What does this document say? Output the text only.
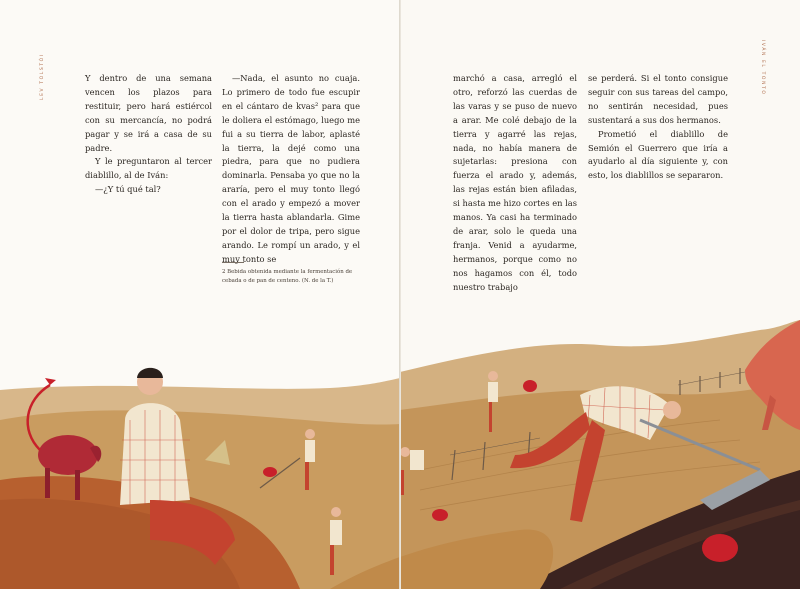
LEV TOLSTÓI	IVÁN EL TONTO

Y dentro de una semana vencen los plazos para restituir, pero hará estiércol con su mercancía, no podrá pagar y se irá a casa de su padre.

Y le preguntaron al tercer diablillo, al de Iván:

—¿Y tú qué tal?

—Nada, el asunto no cuaja. Lo primero de todo fue escupir en el cántaro de kvas² para que le doliera el estómago, luego me fui a su tierra de labor, aplasté la tierra, la dejé como una piedra, para que no pudiera dominarla. Pensaba yo que no la araría, pero el muy tonto llegó con el arado y empezó a mover la tierra hasta ablandarla. Gime por el dolor de tripa, pero sigue arando. Le rompí un arado, y el muy tonto se

2 Bebida obtenida mediante la fermentación de cebada o de pan de centeno. (N. de la T.)

marchó a casa, arregló el otro, reforzó las cuerdas de las varas y se puso de nuevo a arar. Me colé debajo de la tierra y agarré las rejas, nada, no había manera de sujetarlas: presiona con fuerza el arado y, además, las rejas están bien afiladas, si hasta me hizo cortes en las manos. Ya casi ha terminado de arar, solo le queda una franja. Venid a ayudarme, hermanos, porque como no nos hagamos con él, todo nuestro trabajo

se perderá. Si el tonto consigue seguir con sus tareas del campo, no sentirán necesidad, pues sustentará a sus dos hermanos.

Prometió el diablillo de Semión el Guerrero que iría a ayudarlo al día siguiente y, con esto, los diablillos se separaron.
